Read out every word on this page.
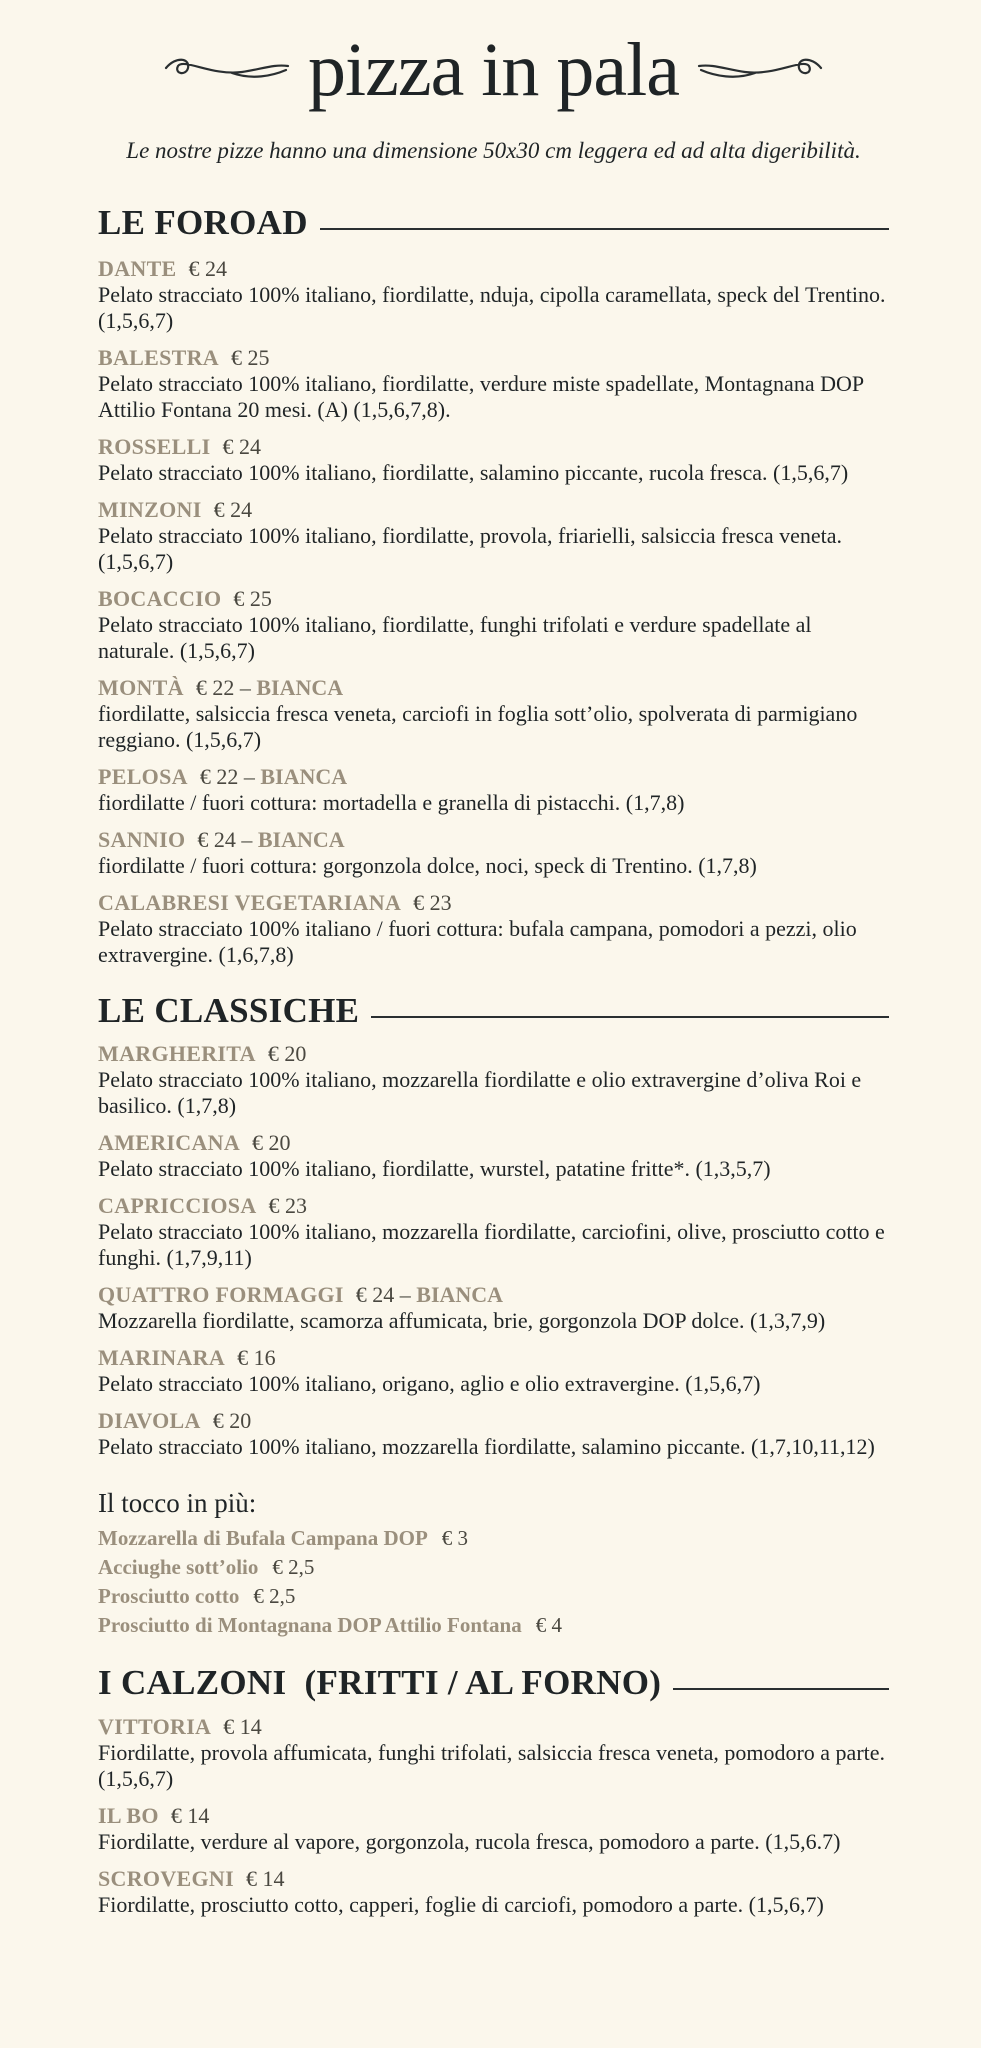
pizza in pala

Le nostre pizze hanno una dimensione 50x30 cm leggera ed ad alta digeribilità.

LE FOROAD
DANTE € 24
Pelato stracciato 100% italiano, fiordilatte, nduja, cipolla caramellata, speck del Trentino. (1,5,6,7)
BALESTRA € 25
Pelato stracciato 100% italiano, fiordilatte, verdure miste spadellate, Montagnana DOP Attilio Fontana 20 mesi. (A) (1,5,6,7,8).
ROSSELLI € 24
Pelato stracciato 100% italiano, fiordilatte, salamino piccante, rucola fresca. (1,5,6,7)
MINZONI € 24
Pelato stracciato 100% italiano, fiordilatte, provola, friarielli, salsiccia fresca veneta. (1,5,6,7)
BOCACCIO € 25
Pelato stracciato 100% italiano, fiordilatte, funghi trifolati e verdure spadellate al naturale. (1,5,6,7)
MONTÀ € 22 – BIANCA
fiordilatte, salsiccia fresca veneta, carciofi in foglia sott’olio, spolverata di parmigiano reggiano. (1,5,6,7)
PELOSA € 22 – BIANCA
fiordilatte / fuori cottura: mortadella e granella di pistacchi. (1,7,8)
SANNIO € 24 – BIANCA
fiordilatte / fuori cottura: gorgonzola dolce, noci, speck di Trentino. (1,7,8)
CALABRESI VEGETARIANA € 23
Pelato stracciato 100% italiano / fuori cottura: bufala campana, pomodori a pezzi, olio extravergine. (1,6,7,8)
LE CLASSICHE
MARGHERITA € 20
Pelato stracciato 100% italiano, mozzarella fiordilatte e olio extravergine d’oliva Roi e basilico. (1,7,8)
AMERICANA € 20
Pelato stracciato 100% italiano, fiordilatte, wurstel, patatine fritte*. (1,3,5,7)
CAPRICCIOSA € 23
Pelato stracciato 100% italiano, mozzarella fiordilatte, carciofini, olive, prosciutto cotto e funghi. (1,7,9,11)
QUATTRO FORMAGGI € 24 – BIANCA
Mozzarella fiordilatte, scamorza affumicata, brie, gorgonzola DOP dolce. (1,3,7,9)
MARINARA € 16
Pelato stracciato 100% italiano, origano, aglio e olio extravergine. (1,5,6,7)
DIAVOLA € 20
Pelato stracciato 100% italiano, mozzarella fiordilatte, salamino piccante. (1,7,10,11,12)

Il tocco in più:

Mozzarella di Bufala Campana DOP € 3
Acciughe sott’olio € 2,5
Prosciutto cotto € 2,5
Prosciutto di Montagnana DOP Attilio Fontana € 4
I CALZONI  (FRITTI / AL FORNO)
VITTORIA € 14
Fiordilatte, provola affumicata, funghi trifolati, salsiccia fresca veneta, pomodoro a parte. (1,5,6,7)
IL BO € 14
Fiordilatte, verdure al vapore, gorgonzola, rucola fresca, pomodoro a parte. (1,5,6.7)
SCROVEGNI € 14
Fiordilatte, prosciutto cotto, capperi, foglie di carciofi, pomodoro a parte. (1,5,6,7)
